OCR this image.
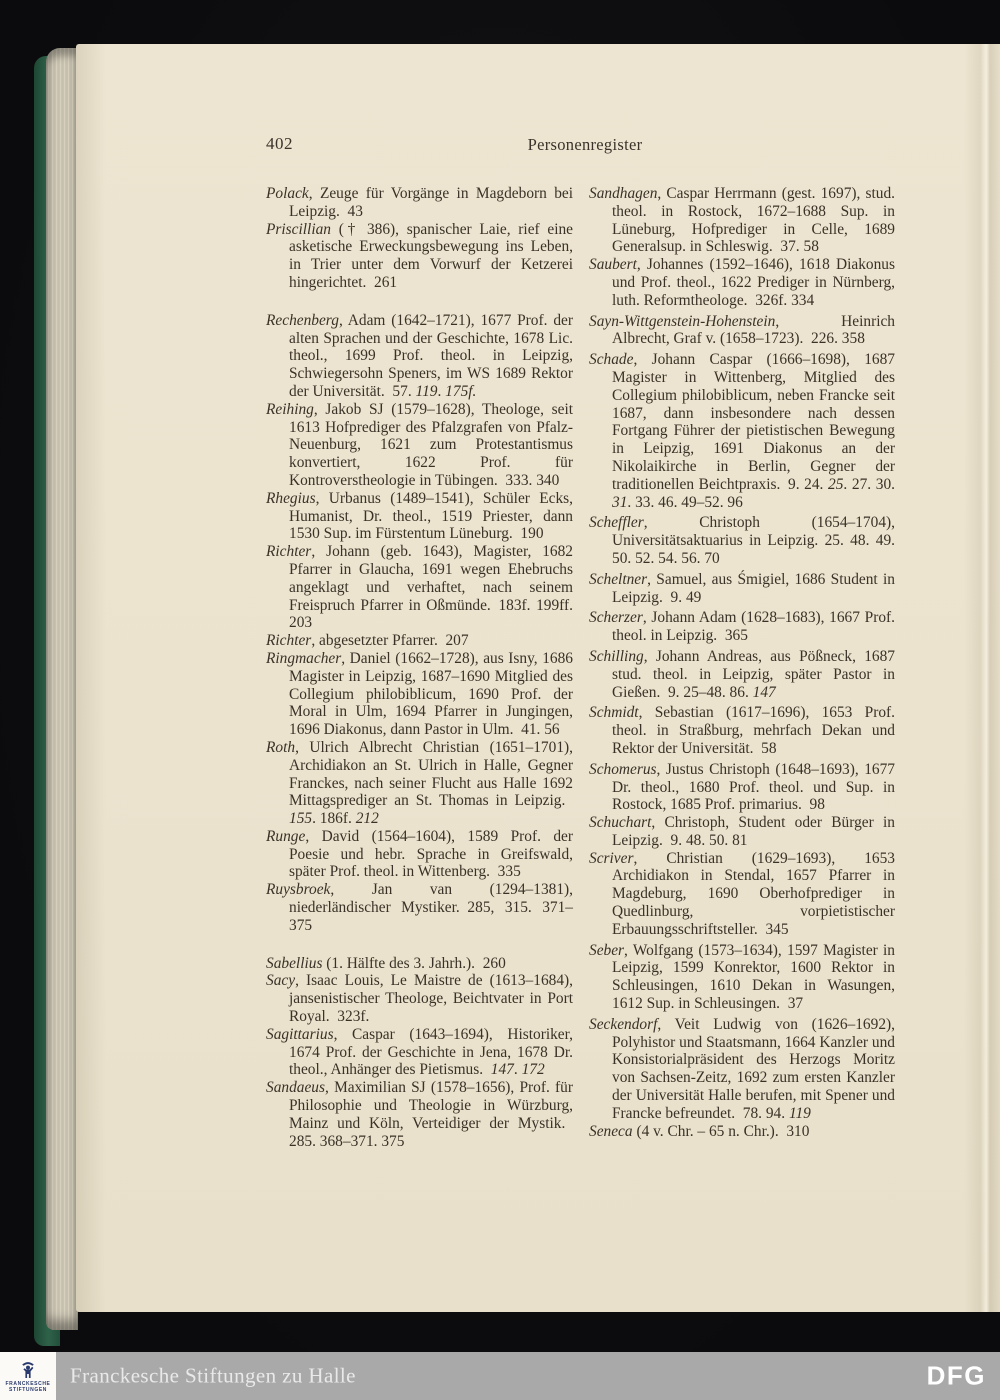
402	Personenregister
Polack, Zeuge für Vorgänge in Magdeborn bei Leipzig. 43
Priscillian († 386), spanischer Laie, rief eine asketische Erweckungsbewegung ins Leben, in Trier unter dem Vorwurf der Ketzerei hingerichtet. 261
Rechenberg, Adam (1642–1721), 1677 Prof. der alten Sprachen und der Geschichte, 1678 Lic. theol., 1699 Prof. theol. in Leipzig, Schwiegersohn Speners, im WS 1689 Rektor der Universität. 57. 119. 175f.
Reihing, Jakob SJ (1579–1628), Theologe, seit 1613 Hofprediger des Pfalzgrafen von Pfalz-Neuenburg, 1621 zum Protestantismus konvertiert, 1622 Prof. für Kontroverstheologie in Tübingen. 333. 340
Rhegius, Urbanus (1489–1541), Schüler Ecks, Humanist, Dr. theol., 1519 Priester, dann 1530 Sup. im Fürstentum Lüneburg. 190
Richter, Johann (geb. 1643), Magister, 1682 Pfarrer in Glaucha, 1691 wegen Ehebruchs angeklagt und verhaftet, nach seinem Freispruch Pfarrer in Oßmünde. 183f. 199ff. 203
Richter, abgesetzter Pfarrer. 207
Ringmacher, Daniel (1662–1728), aus Isny, 1686 Magister in Leipzig, 1687–1690 Mitglied des Collegium philobiblicum, 1690 Prof. der Moral in Ulm, 1694 Pfarrer in Jungingen, 1696 Diakonus, dann Pastor in Ulm. 41. 56
Roth, Ulrich Albrecht Christian (1651–1701), Archidiakon an St. Ulrich in Halle, Gegner Franckes, nach seiner Flucht aus Halle 1692 Mittagsprediger an St. Thomas in Leipzig. 155. 186f. 212
Runge, David (1564–1604), 1589 Prof. der Poesie und hebr. Sprache in Greifswald, später Prof. theol. in Wittenberg. 335
Ruysbroek, Jan van (1294–1381), niederländischer Mystiker. 285, 315. 371–375
Sabellius (1. Hälfte des 3. Jahrh.). 260
Sacy, Isaac Louis, Le Maistre de (1613–1684), jansenistischer Theologe, Beichtvater in Port Royal. 323f.
Sagittarius, Caspar (1643–1694), Historiker, 1674 Prof. der Geschichte in Jena, 1678 Dr. theol., Anhänger des Pietismus. 147. 172
Sandaeus, Maximilian SJ (1578–1656), Prof. für Philosophie und Theologie in Würzburg, Mainz und Köln, Verteidiger der Mystik. 285. 368–371. 375
Sandhagen, Caspar Herrmann (gest. 1697), stud. theol. in Rostock, 1672–1688 Sup. in Lüneburg, Hofprediger in Celle, 1689 Generalsup. in Schleswig. 37. 58
Saubert, Johannes (1592–1646), 1618 Diakonus und Prof. theol., 1622 Prediger in Nürnberg, luth. Reformtheologe. 326f. 334
Sayn-Wittgenstein-Hohenstein, Heinrich Albrecht, Graf v. (1658–1723). 226. 358
Schade, Johann Caspar (1666–1698), 1687 Magister in Wittenberg, Mitglied des Collegium philobiblicum, neben Francke seit 1687, dann insbesondere nach dessen Fortgang Führer der pietistischen Bewegung in Leipzig, 1691 Diakonus an der Nikolaikirche in Berlin, Gegner der traditionellen Beichtpraxis. 9. 24. 25. 27. 30. 31. 33. 46. 49–52. 96
Scheffler, Christoph (1654–1704), Universitätsaktuarius in Leipzig. 25. 48. 49. 50. 52. 54. 56. 70
Scheltner, Samuel, aus Śmigiel, 1686 Student in Leipzig. 9. 49
Scherzer, Johann Adam (1628–1683), 1667 Prof. theol. in Leipzig. 365
Schilling, Johann Andreas, aus Pößneck, 1687 stud. theol. in Leipzig, später Pastor in Gießen. 9. 25–48. 86. 147
Schmidt, Sebastian (1617–1696), 1653 Prof. theol. in Straßburg, mehrfach Dekan und Rektor der Universität. 58
Schomerus, Justus Christoph (1648–1693), 1677 Dr. theol., 1680 Prof. theol. und Sup. in Rostock, 1685 Prof. primarius. 98
Schuchart, Christoph, Student oder Bürger in Leipzig. 9. 48. 50. 81
Scriver, Christian (1629–1693), 1653 Archidiakon in Stendal, 1657 Pfarrer in Magdeburg, 1690 Oberhofprediger in Quedlinburg, vorpietistischer Erbauungsschriftsteller. 345
Seber, Wolfgang (1573–1634), 1597 Magister in Leipzig, 1599 Konrektor, 1600 Rektor in Schleusingen, 1610 Dekan in Wasungen, 1612 Sup. in Schleusingen. 37
Seckendorf, Veit Ludwig von (1626–1692), Polyhistor und Staatsmann, 1664 Kanzler und Konsistorialpräsident des Herzogs Moritz von Sachsen-Zeitz, 1692 zum ersten Kanzler der Universität Halle berufen, mit Spener und Francke befreundet. 78. 94. 119
Seneca (4 v. Chr. – 65 n. Chr.). 310
FRANCKESCHE
STIFTUNGEN
Franckesche Stiftungen zu Halle	DFG
